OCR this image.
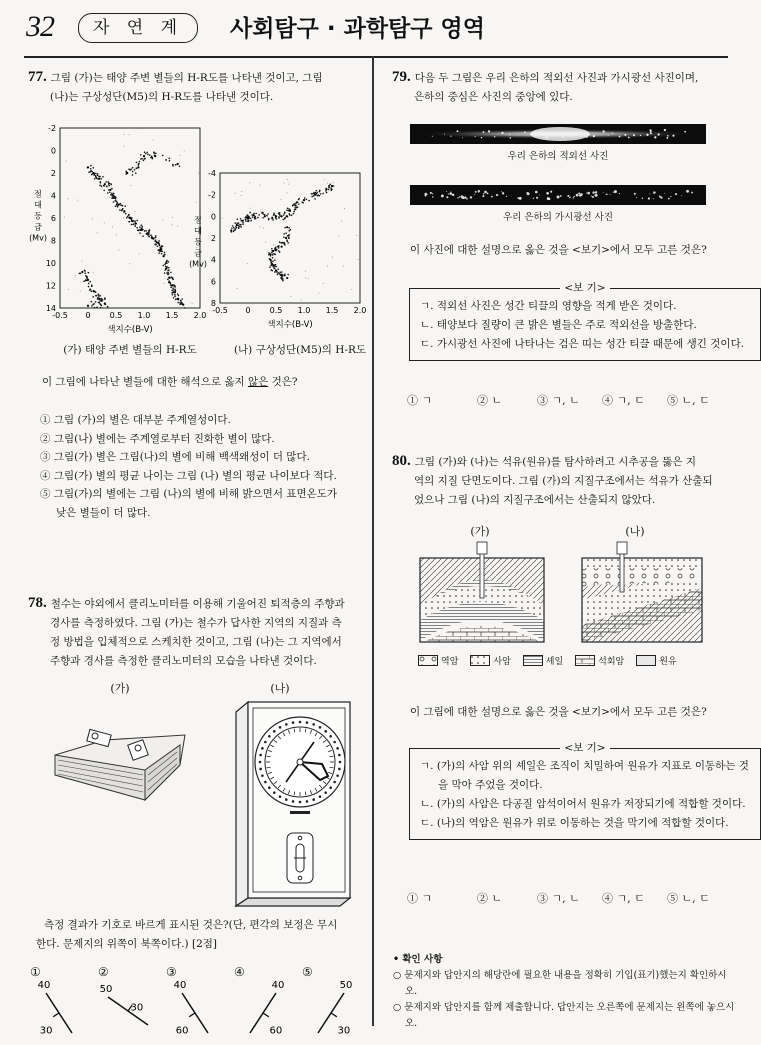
32	자 연 계	사회탐구 · 과학탐구 영역
77. 그림 (가)는 태양 주변 별들의 H-R도를 나타낸 것이고, 그림
(나)는 구상성단(M5)의 H-R도를 나타낸 것이다.
-0.5 0 0.5 1.0 1.5 2.0
-2
0
2
4
6
8
10
12
14
색지수(B-V)
절
대
등
급
(Mv)
-0.5 0 0.5 1.0 1.5 2.0
-4
-2
0
2
4
6
8
색지수(B-V)
절
대
등
급
(Mv)
(가) 태양 주변 별들의 H-R도	(나) 구상성단(M5)의 H-R도
이 그림에 나타난 별들에 대한 해석으로 옳지 않은 것은?
① 그림 (가)의 별은 대부분 주계열성이다.
② 그림(나) 별에는 주계열로부터 진화한 별이 많다.
③ 그림(가) 별은 그림(나)의 별에 비해 백색왜성이 더 많다.
④ 그림(가) 별의 평균 나이는 그림 (나) 별의 평균 나이보다 적다.
⑤ 그림(가)의 별에는 그림 (나)의 별에 비해 밝으면서 표면온도가
낮은 별들이 더 많다.
78. 철수는 야외에서 클리노미터를 이용해 기울어진 퇴적층의 주향과
경사를 측정하였다. 그림 (가)는 철수가 답사한 지역의 지질과 측
정 방법을 입체적으로 스케치한 것이고, 그림 (나)는 그 지역에서
주향과 경사를 측정한 클리노미터의 모습을 나타낸 것이다.
(가)	(나)
측정 결과가 기호로 바르게 표시된 것은?(단, 편각의 보정은 무시
한다. 문제지의 위쪽이 북쪽이다.) [2점]
①
40
30
②
50
30
③
40
60
④
40
60
⑤
50
30
79. 다음 두 그림은 우리 은하의 적외선 사진과 가시광선 사진이며,
은하의 중심은 사진의 중앙에 있다.
우리 은하의 적외선 사진
우리 은하의 가시광선 사진
이 사진에 대한 설명으로 옳은 것을 <보기>에서 모두 고른 것은?
<보 기>
ㄱ. 적외선 사진은 성간 티끌의 영향을 적게 받은 것이다.
ㄴ. 태양보다 질량이 큰 밝은 별들은 주로 적외선을 방출한다.
ㄷ. 가시광선 사진에 나타나는 검은 띠는 성간 티끌 때문에 생긴 것이다.
① ㄱ	② ㄴ	③ ㄱ, ㄴ	④ ㄱ, ㄷ	⑤ ㄴ, ㄷ
80. 그림 (가)와 (나)는 석유(원유)를 탐사하려고 시추공을 뚫은 지
역의 지질 단면도이다. 그림 (가)의 지질구조에서는 석유가 산출되
었으나 그림 (나)의 지질구조에서는 산출되지 않았다.
(가)	(나)
역암	사암	셰일	석회암	원유
이 그림에 대한 설명으로 옳은 것을 <보기>에서 모두 고른 것은?
<보 기>
ㄱ. (가)의 사암 위의 셰일은 조직이 치밀하여 원유가 지표로 이동하는 것을 막아 주었을 것이다.
ㄴ. (가)의 사암은 다공질 암석이어서 원유가 저장되기에 적합할 것이다.
ㄷ. (나)의 역암은 원유가 위로 이동하는 것을 막기에 적합할 것이다.
① ㄱ	② ㄴ	③ ㄱ, ㄴ	④ ㄱ, ㄷ	⑤ ㄴ, ㄷ
• 확인 사항
○ 문제지와 답안지의 해당란에 필요한 내용을 정확히 기입(표기)했는지 확인하시오.
○ 문제지와 답안지를 함께 제출합니다. 답안지는 오른쪽에 문제지는 왼쪽에 놓으시오.
